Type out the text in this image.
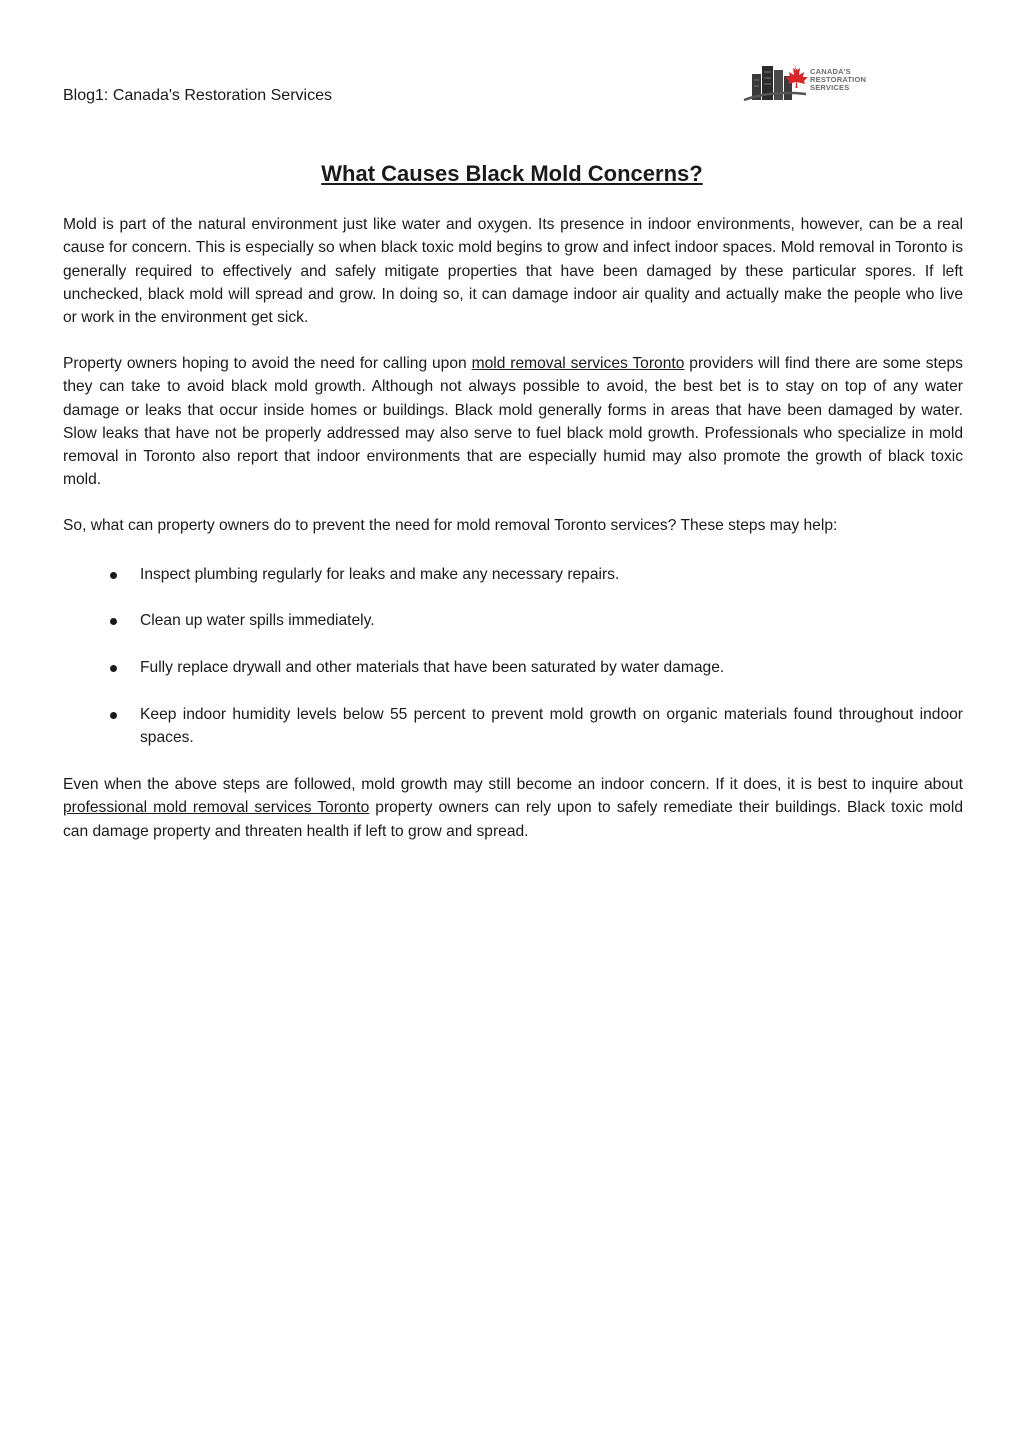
Blog1: Canada's Restoration Services
CANADA'S
RESTORATION
SERVICES
What Causes Black Mold Concerns?

Mold is part of the natural environment just like water and oxygen. Its presence in indoor environments, however, can be a real cause for concern. This is especially so when black toxic mold begins to grow and infect indoor spaces. Mold removal in Toronto is generally required to effectively and safely mitigate properties that have been damaged by these particular spores. If left unchecked, black mold will spread and grow. In doing so, it can damage indoor air quality and actually make the people who live or work in the environment get sick.

Property owners hoping to avoid the need for calling upon mold removal services Toronto providers will find there are some steps they can take to avoid black mold growth. Although not always possible to avoid, the best bet is to stay on top of any water damage or leaks that occur inside homes or buildings. Black mold generally forms in areas that have been damaged by water. Slow leaks that have not be properly addressed may also serve to fuel black mold growth. Professionals who specialize in mold removal in Toronto also report that indoor environments that are especially humid may also promote the growth of black toxic mold.

So, what can property owners do to prevent the need for mold removal Toronto services? These steps may help:

Inspect plumbing regularly for leaks and make any necessary repairs.
Clean up water spills immediately.
Fully replace drywall and other materials that have been saturated by water damage.
Keep indoor humidity levels below 55 percent to prevent mold growth on organic materials found throughout indoor spaces.

Even when the above steps are followed, mold growth may still become an indoor concern. If it does, it is best to inquire about professional mold removal services Toronto property owners can rely upon to safely remediate their buildings. Black toxic mold can damage property and threaten health if left to grow and spread.
